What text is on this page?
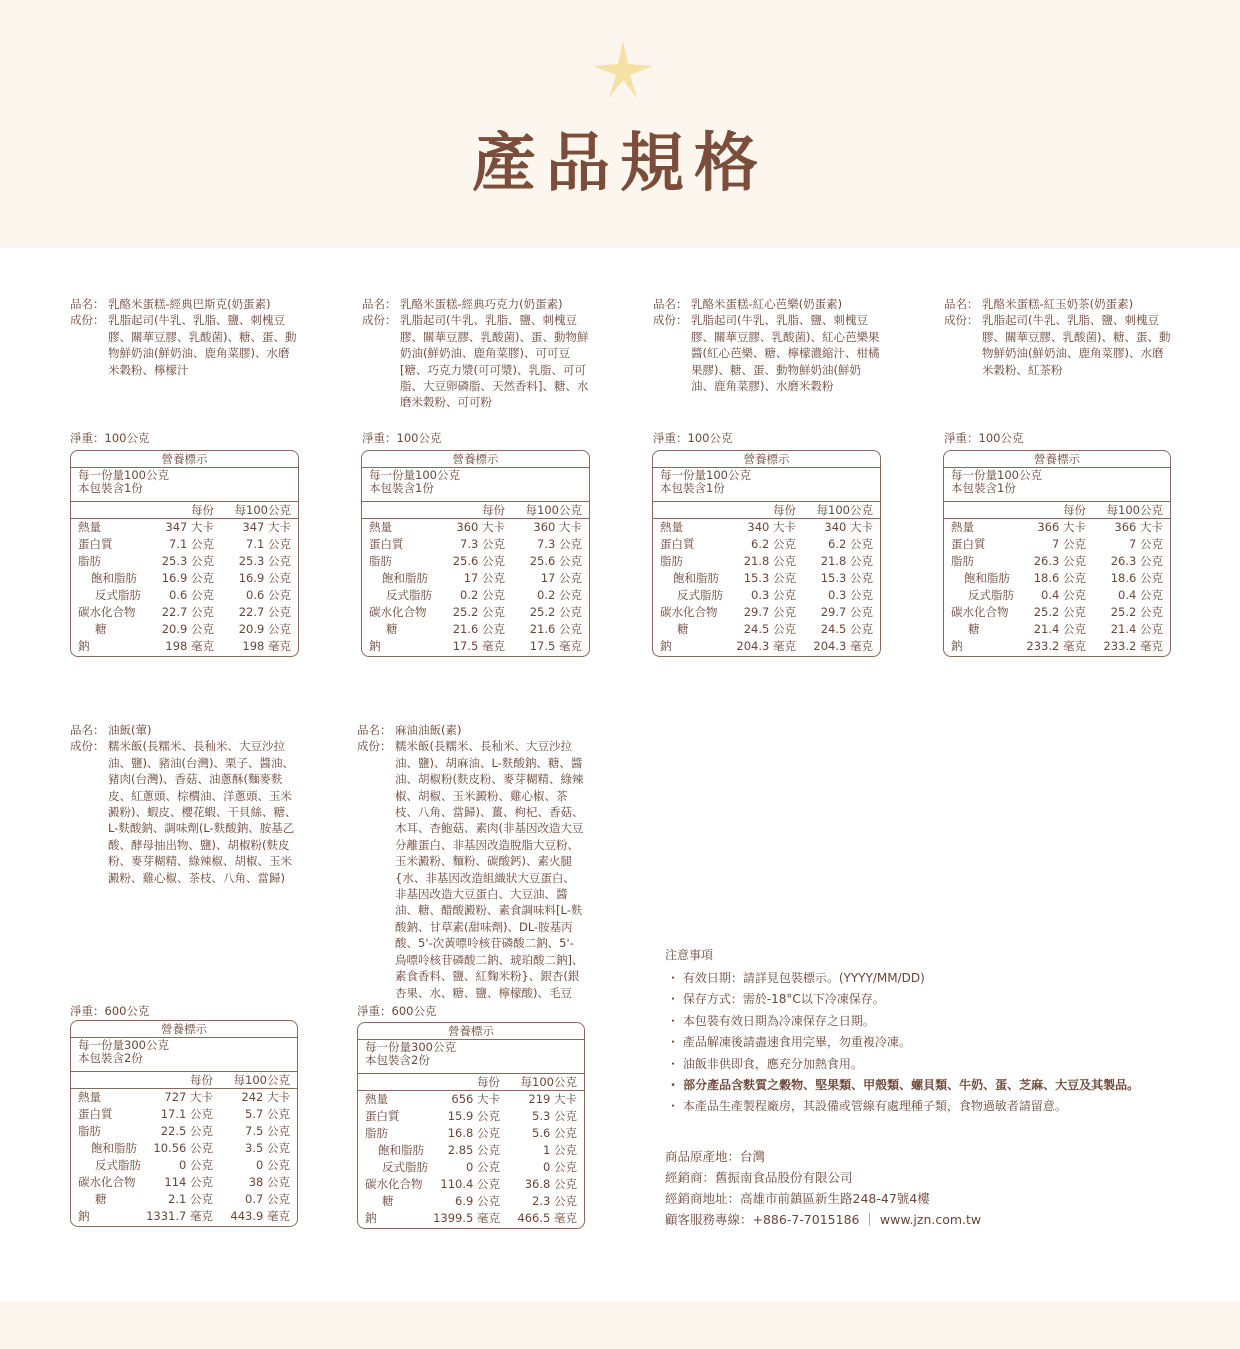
產品規格
品名： 乳酪米蛋糕-經典巴斯克(奶蛋素)
成份： 乳脂起司(牛乳、乳脂、鹽、刺槐豆膠、關華豆膠、乳酸菌)、糖、蛋、動物鮮奶油(鮮奶油、鹿角菜膠)、水磨米穀粉、檸檬汁
淨重：100公克
營養標示
每一份量100公克
本包裝含1份
每份	每100公克
熱量	347 大卡	347 大卡
蛋白質	7.1 公克	7.1 公克
脂肪	25.3 公克	25.3 公克
飽和脂肪	16.9 公克	16.9 公克
反式脂肪	0.6 公克	0.6 公克
碳水化合物	22.7 公克	22.7 公克
糖	20.9 公克	20.9 公克
鈉	198 毫克	198 毫克
品名： 乳酪米蛋糕-經典巧克力(奶蛋素)
成份： 乳脂起司(牛乳、乳脂、鹽、刺槐豆膠、關華豆膠、乳酸菌)、蛋、動物鮮奶油(鮮奶油、鹿角菜膠)、可可豆[糖、巧克力漿(可可漿)、乳脂、可可脂、大豆卵磷脂、天然香料]、糖、水磨米穀粉、可可粉
淨重：100公克
營養標示
每一份量100公克
本包裝含1份
每份	每100公克
熱量	360 大卡	360 大卡
蛋白質	7.3 公克	7.3 公克
脂肪	25.6 公克	25.6 公克
飽和脂肪	17 公克	17 公克
反式脂肪	0.2 公克	0.2 公克
碳水化合物	25.2 公克	25.2 公克
糖	21.6 公克	21.6 公克
鈉	17.5 毫克	17.5 毫克
品名： 乳酪米蛋糕-紅心芭樂(奶蛋素)
成份： 乳脂起司(牛乳、乳脂、鹽、刺槐豆膠、關華豆膠、乳酸菌)、紅心芭樂果醬(紅心芭樂、糖、檸檬濃縮汁、柑橘果膠)、糖、蛋、動物鮮奶油(鮮奶油、鹿角菜膠)、水磨米穀粉
淨重：100公克
營養標示
每一份量100公克
本包裝含1份
每份	每100公克
熱量	340 大卡	340 大卡
蛋白質	6.2 公克	6.2 公克
脂肪	21.8 公克	21.8 公克
飽和脂肪	15.3 公克	15.3 公克
反式脂肪	0.3 公克	0.3 公克
碳水化合物	29.7 公克	29.7 公克
糖	24.5 公克	24.5 公克
鈉	204.3 毫克	204.3 毫克
品名： 乳酪米蛋糕-紅玉奶茶(奶蛋素)
成份： 乳脂起司(牛乳、乳脂、鹽、刺槐豆膠、關華豆膠、乳酸菌)、糖、蛋、動物鮮奶油(鮮奶油、鹿角菜膠)、水磨米穀粉、紅茶粉
淨重：100公克
營養標示
每一份量100公克
本包裝含1份
每份	每100公克
熱量	366 大卡	366 大卡
蛋白質	7 公克	7 公克
脂肪	26.3 公克	26.3 公克
飽和脂肪	18.6 公克	18.6 公克
反式脂肪	0.4 公克	0.4 公克
碳水化合物	25.2 公克	25.2 公克
糖	21.4 公克	21.4 公克
鈉	233.2 毫克	233.2 毫克
品名： 油飯(葷)
成份： 糯米飯(長糯米、長秈米、大豆沙拉油、鹽)、豬油(台灣)、栗子、醬油、豬肉(台灣)、香菇、油蔥酥(麵麥麩皮、紅蔥頭、棕櫚油、洋蔥頭、玉米澱粉)、蝦皮、櫻花蝦、干貝絲、糖、L-麩酸鈉、調味劑(L-麩酸鈉、胺基乙酸、酵母抽出物、鹽)、胡椒粉(麩皮粉、麥芽糊精、綠辣椒、胡椒、玉米澱粉、雞心椒、茶枝、八角、當歸)
淨重：600公克
營養標示
每一份量300公克
本包裝含2份
每份	每100公克
熱量	727 大卡	242 大卡
蛋白質	17.1 公克	5.7 公克
脂肪	22.5 公克	7.5 公克
飽和脂肪	10.56 公克	3.5 公克
反式脂肪	0 公克	0 公克
碳水化合物	114 公克	38 公克
糖	2.1 公克	0.7 公克
鈉	1331.7 毫克	443.9 毫克
品名： 麻油油飯(素)
成份： 糯米飯(長糯米、長秈米、大豆沙拉油、鹽)、胡麻油、L-麩酸鈉、糖、醬油、胡椒粉(麩皮粉、麥芽糊精、綠辣椒、胡椒、玉米澱粉、雞心椒、茶枝、八角、當歸)、薑、枸杞、香菇、木耳、杏鮑菇、素肉(非基因改造大豆分離蛋白、非基因改造脫脂大豆粉、玉米澱粉、麵粉、碳酸鈣)、素火腿{水、非基因改造組織狀大豆蛋白、非基因改造大豆蛋白、大豆油、醬油、糖、醋酸澱粉、素食調味料[L-麩酸鈉、甘草素(甜味劑)、DL-胺基丙酸、5'-次黃嘌呤核苷磷酸二鈉、5'-鳥嘌呤核苷磷酸二鈉、琥珀酸二鈉]、素食香料、鹽、紅麴米粉}、銀杏(銀杏果、水、糖、鹽、檸檬酸)、毛豆
淨重：600公克
營養標示
每一份量300公克
本包裝含2份
每份	每100公克
熱量	656 大卡	219 大卡
蛋白質	15.9 公克	5.3 公克
脂肪	16.8 公克	5.6 公克
飽和脂肪	2.85 公克	1 公克
反式脂肪	0 公克	0 公克
碳水化合物	110.4 公克	36.8 公克
糖	6.9 公克	2.3 公克
鈉	1399.5 毫克	466.5 毫克
注意事項
・ 有效日期：請詳見包裝標示。(YYYY/MM/DD)
・ 保存方式：需於-18°C以下冷凍保存。
・ 本包裝有效日期為冷凍保存之日期。
・ 產品解凍後請盡速食用完畢，勿重複冷凍。
・ 油飯非供即食，應充分加熱食用。
・ 部分產品含麩質之穀物、堅果類、甲殼類、螺貝類、牛奶、蛋、芝麻、大豆及其製品。
・ 本產品生產製程廠房，其設備或管線有處理種子類，食物過敏者請留意。
商品原產地：台灣
經銷商：舊振南食品股份有限公司
經銷商地址：高雄市前鎮區新生路248-47號4樓
顧客服務專線：+886-7-7015186 ｜ www.jzn.com.tw
